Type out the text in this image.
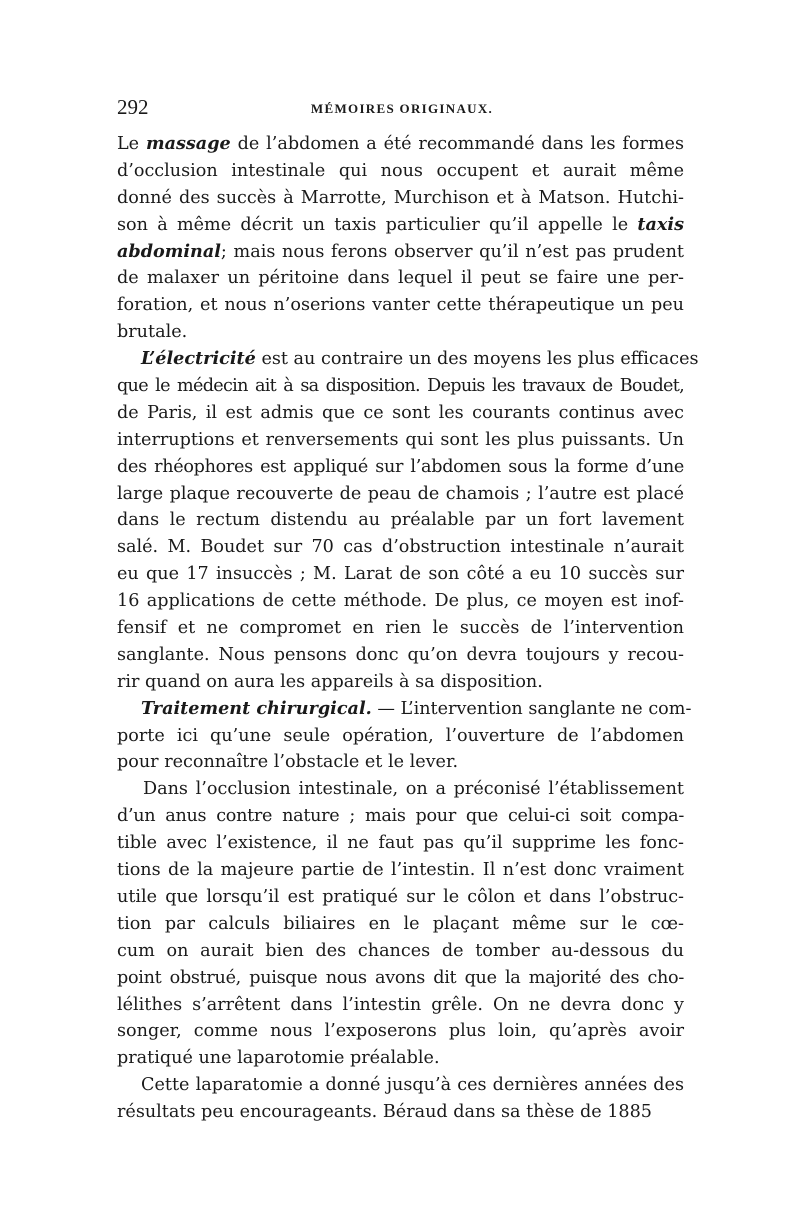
292	MÉMOIRES ORIGINAUX.
Le massage de l’abdomen a été recommandé dans les formes
d’occlusion intestinale qui nous occupent et aurait même
donné des succès à Marrotte, Murchison et à Matson. Hutchi-
son à même décrit un taxis particulier qu’il appelle le taxis
abdominal; mais nous ferons observer qu’il n’est pas prudent
de malaxer un péritoine dans lequel il peut se faire une per-
foration, et nous n’oserions vanter cette thérapeutique un peu
brutale.
L’électricité est au contraire un des moyens les plus efficaces
que le médecin ait à sa disposition. Depuis les travaux de Boudet,
de Paris, il est admis que ce sont les courants continus avec
interruptions et renversements qui sont les plus puissants. Un
des rhéophores est appliqué sur l’abdomen sous la forme d’une
large plaque recouverte de peau de chamois ; l’autre est placé
dans le rectum distendu au préalable par un fort lavement
salé. M. Boudet sur 70 cas d’obstruction intestinale n’aurait
eu que 17 insuccès ; M. Larat de son côté a eu 10 succès sur
16 applications de cette méthode. De plus, ce moyen est inof-
fensif et ne compromet en rien le succès de l’intervention
sanglante. Nous pensons donc qu’on devra toujours y recou-
rir quand on aura les appareils à sa disposition.
Traitement chirurgical. — L’intervention sanglante ne com-
porte ici qu’une seule opération, l’ouverture de l’abdomen
pour reconnaître l’obstacle et le lever.
Dans l’occlusion intestinale, on a préconisé l’établissement
d’un anus contre nature ; mais pour que celui-ci soit compa-
tible avec l’existence, il ne faut pas qu’il supprime les fonc-
tions de la majeure partie de l’intestin. Il n’est donc vraiment
utile que lorsqu’il est pratiqué sur le côlon et dans l’obstruc-
tion par calculs biliaires en le plaçant même sur le cœ-
cum on aurait bien des chances de tomber au-dessous du
point obstrué, puisque nous avons dit que la majorité des cho-
lélithes s’arrêtent dans l’intestin grêle. On ne devra donc y
songer, comme nous l’exposerons plus loin, qu’après avoir
pratiqué une laparotomie préalable.
Cette laparatomie a donné jusqu’à ces dernières années des
résultats peu encourageants. Béraud dans sa thèse de 1885
